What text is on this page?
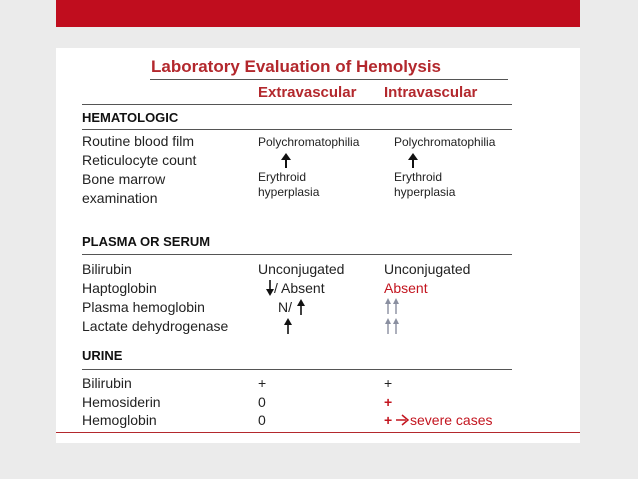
Laboratory Evaluation of Hemolysis
Extravascular Intravascular
HEMATOLOGIC
Routine blood film
Reticulocyte count
Bone marrow
examination
Polychromatophilia
Erythroid
hyperplasia
Polychromatophilia
Erythroid
hyperplasia
PLASMA OR SERUM
Bilirubin
Haptoglobin
Plasma hemoglobin
Lactate dehydrogenase
Unconjugated
/ Absent
N/
Unconjugated
Absent
URINE
Bilirubin
Hemosiderin
Hemoglobin
+
0
0
+
+
+ severe cases
